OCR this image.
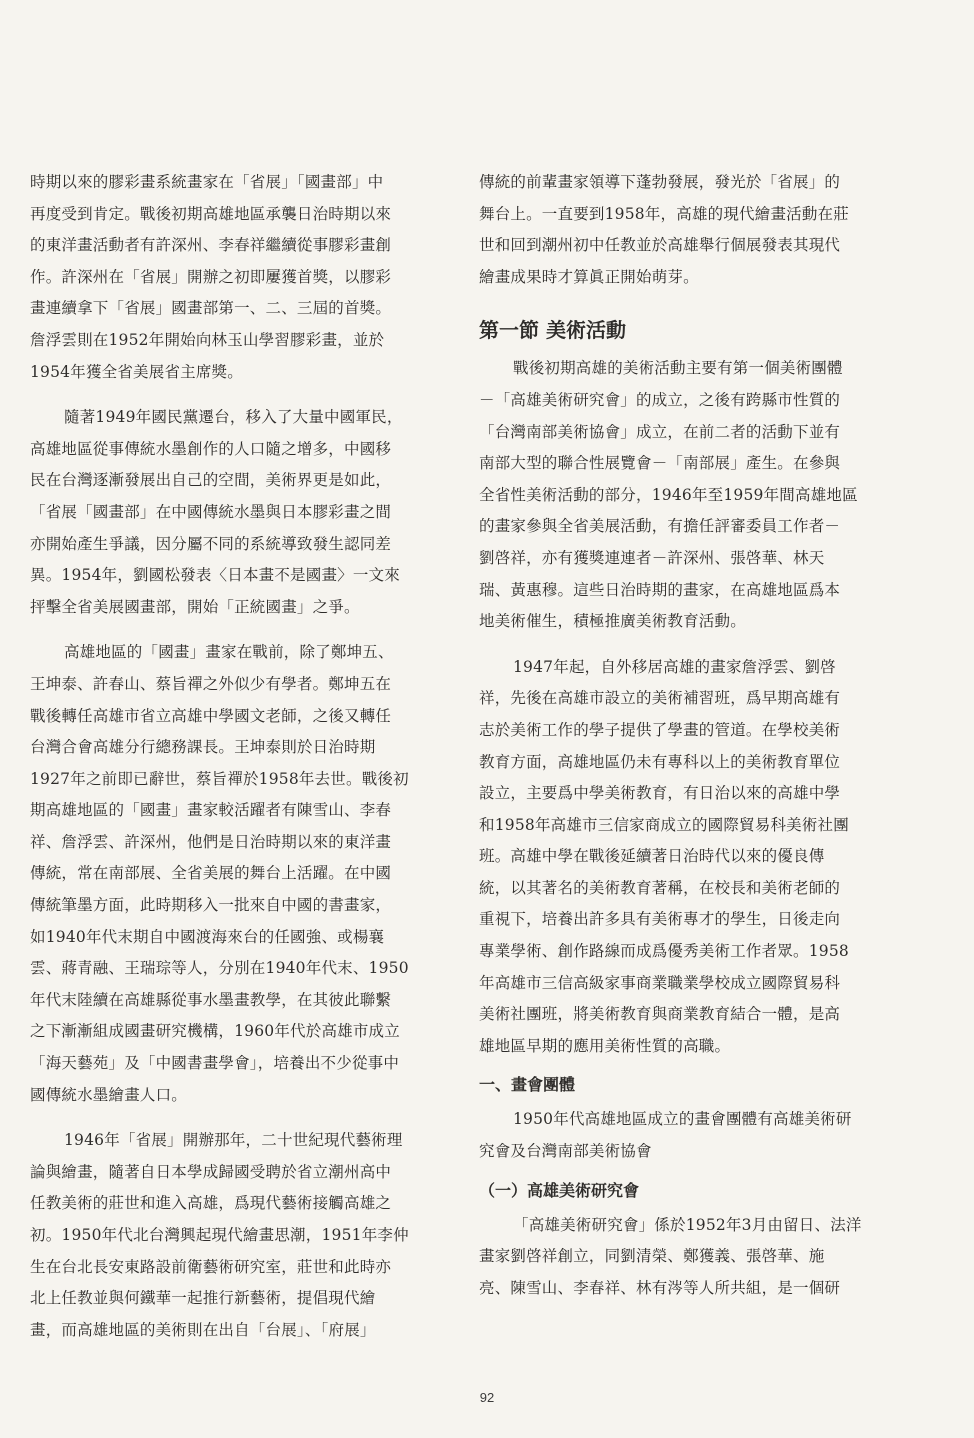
時期以來的膠彩畫系統畫家在「省展」「國畫部」中
再度受到肯定。戰後初期高雄地區承襲日治時期以來
的東洋畫活動者有許深州、李春祥繼續從事膠彩畫創
作。許深州在「省展」開辦之初即屢獲首獎，以膠彩
畫連續拿下「省展」國畫部第一、二、三屆的首獎。
詹浮雲則在1952年開始向林玉山學習膠彩畫，並於
1954年獲全省美展省主席獎。
隨著1949年國民黨遷台，移入了大量中國軍民，
高雄地區從事傳統水墨創作的人口隨之增多，中國移
民在台灣逐漸發展出自己的空間，美術界更是如此，
「省展「國畫部」在中國傳統水墨與日本膠彩畫之間
亦開始產生爭議，因分屬不同的系統導致發生認同差
異。1954年，劉國松發表〈日本畫不是國畫〉一文來
抨擊全省美展國畫部，開始「正統國畫」之爭。
高雄地區的「國畫」畫家在戰前，除了鄭坤五、
王坤泰、許春山、蔡旨禪之外似少有學者。鄭坤五在
戰後轉任高雄市省立高雄中學國文老師，之後又轉任
台灣合會高雄分行總務課長。王坤泰則於日治時期
1927年之前即已辭世，蔡旨禪於1958年去世。戰後初
期高雄地區的「國畫」畫家較活躍者有陳雪山、李春
祥、詹浮雲、許深州，他們是日治時期以來的東洋畫
傳統，常在南部展、全省美展的舞台上活躍。在中國
傳統筆墨方面，此時期移入一批來自中國的書畫家，
如1940年代末期自中國渡海來台的任國強、或楊襄
雲、蔣青融、王瑞琮等人，分別在1940年代末、1950
年代末陸續在高雄縣從事水墨畫教學，在其彼此聯繫
之下漸漸組成國畫研究機構，1960年代於高雄市成立
「海天藝苑」及「中國書畫學會」，培養出不少從事中
國傳統水墨繪畫人口。
1946年「省展」開辦那年，二十世紀現代藝術理
論與繪畫，隨著自日本學成歸國受聘於省立潮州高中
任教美術的莊世和進入高雄，爲現代藝術接觸高雄之
初。1950年代北台灣興起現代繪畫思潮，1951年李仲
生在台北長安東路設前衛藝術研究室，莊世和此時亦
北上任教並與何鐵華一起推行新藝術，提倡現代繪
畫，而高雄地區的美術則在出自「台展」、「府展」
傳統的前輩畫家領導下蓬勃發展，發光於「省展」的
舞台上。一直要到1958年，高雄的現代繪畫活動在莊
世和回到潮州初中任教並於高雄舉行個展發表其現代
繪畫成果時才算眞正開始萌芽。
第一節 美術活動
戰後初期高雄的美術活動主要有第一個美術團體
－「高雄美術研究會」的成立，之後有跨縣市性質的
「台灣南部美術協會」成立，在前二者的活動下並有
南部大型的聯合性展覽會－「南部展」產生。在參與
全省性美術活動的部分，1946年至1959年間高雄地區
的畫家參與全省美展活動，有擔任評審委員工作者－
劉啓祥，亦有獲獎連連者－許深州、張啓華、林天
瑞、黃惠穆。這些日治時期的畫家，在高雄地區爲本
地美術催生，積極推廣美術教育活動。
1947年起，自外移居高雄的畫家詹浮雲、劉啓
祥，先後在高雄市設立的美術補習班，爲早期高雄有
志於美術工作的學子提供了學畫的管道。在學校美術
教育方面，高雄地區仍未有專科以上的美術教育單位
設立，主要爲中學美術教育，有日治以來的高雄中學
和1958年高雄市三信家商成立的國際貿易科美術社團
班。高雄中學在戰後延續著日治時代以來的優良傳
統，以其著名的美術教育著稱，在校長和美術老師的
重視下，培養出許多具有美術專才的學生，日後走向
專業學術、創作路線而成爲優秀美術工作者眾。1958
年高雄市三信高級家事商業職業學校成立國際貿易科
美術社團班，將美術教育與商業教育結合一體，是高
雄地區早期的應用美術性質的高職。
一、畫會團體
1950年代高雄地區成立的畫會團體有高雄美術研
究會及台灣南部美術協會
（一）高雄美術研究會
「高雄美術研究會」係於1952年3月由留日、法洋
畫家劉啓祥創立，同劉清榮、鄭獲義、張啓華、施
亮、陳雪山、李春祥、林有涔等人所共組，是一個研
92
